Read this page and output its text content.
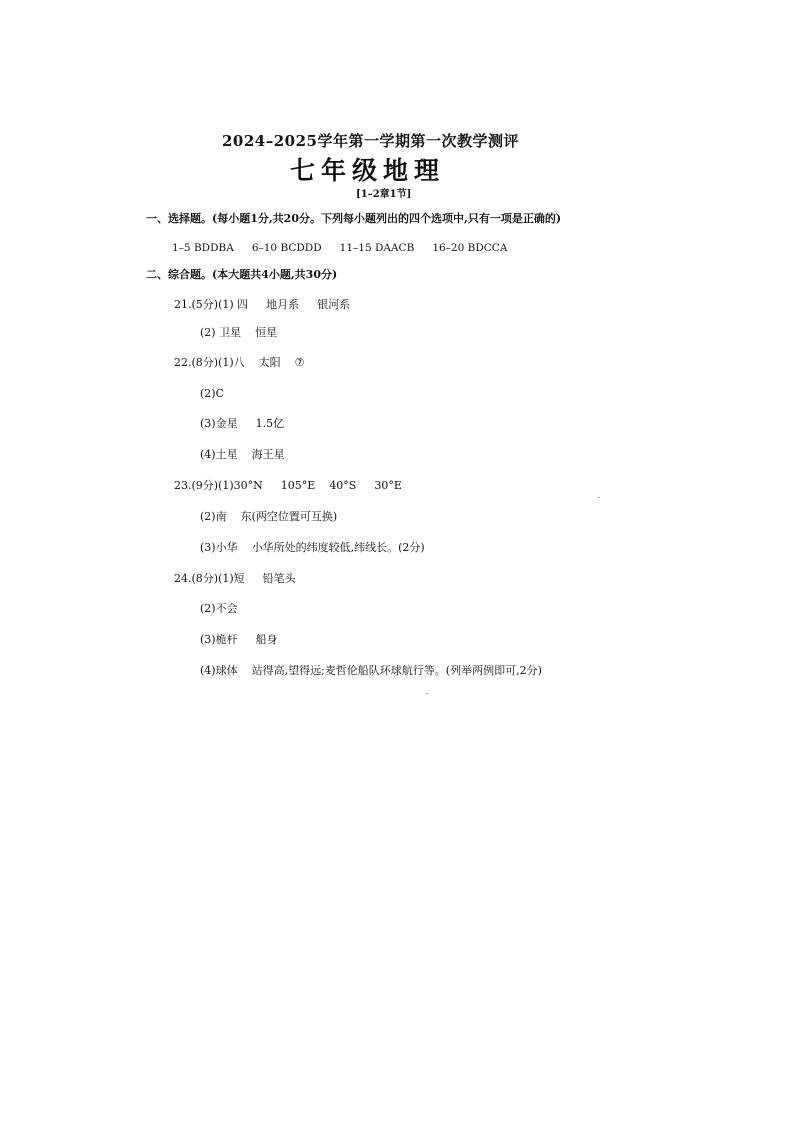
2024–2025学年第一学期第一次教学测评
七年级地理
[1–2章1节]
一、选择题。(每小题1分,共20分。下列每小题列出的四个选项中,只有一项是正确的)
1–5 BDDBA 6–10 BCDDD 11–15 DAACB 16–20 BDCCA
二、综合题。(本大题共4小题,共30分)
21.(5分)(1) 四 地月系 银河系
(2) 卫星 恒星
22.(8分)(1)八 太阳 ⑦
(2)C
(3)金星 1.5亿
(4)土星 海王星
23.(9分)(1)30°N 105°E 40°S 30°E
(2)南 东(两空位置可互换)
(3)小华 小华所处的纬度较低,纬线长。(2分)
24.(8分)(1)短 铅笔头
(2)不会
(3)桅杆 船身
(4)球体 站得高,望得远;麦哲伦船队环球航行等。(列举两例即可,2分)
